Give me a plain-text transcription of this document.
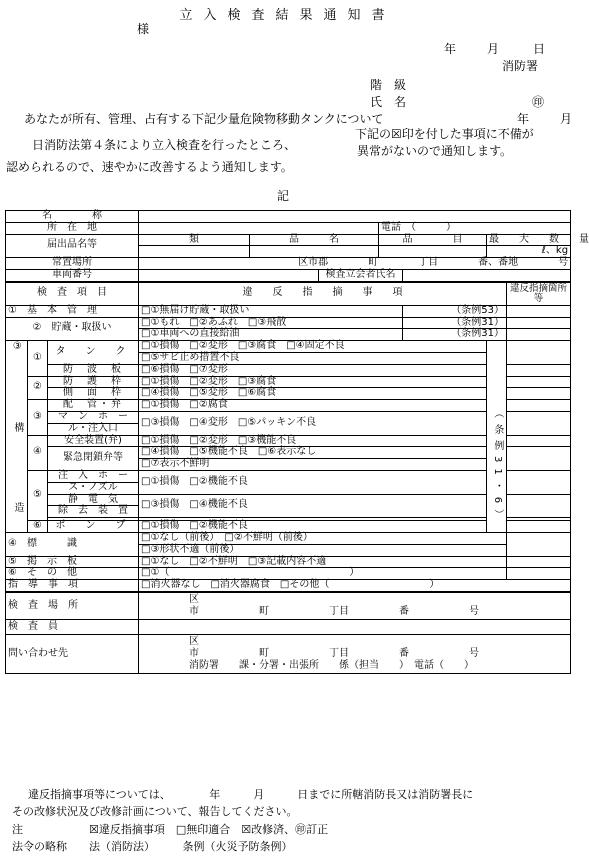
立入検査結果通知書
様
年	月	日
消防署
階　級
氏　名	㊞
あなたが所有、管理、占有する下記少量危険物移動タンクについて	年	月
日消防法第４条により立入検査を行ったところ、
下記の☒印を付した事項に不備が
異常がないので通知します。
認められるので、速やかに改善するよう通知します。
記
名　　　　称									
所　在　地						電話　 （　　　）			
届出品名等			類	品　　　名		品　　　　目		最　　大　　数　　量	
								ℓ、kg	
常置場所			区市郡　　　　町　　　　丁目　　　　番、番地　　　　号						
車両番号					検査立会者氏名				
検　査　項　目			違　　反　　指　　摘　　事　　項						違反指摘箇所等
①　基　本　管　理			□①無届け貯蔵・取扱い				（条例53）		
②　貯蔵・取扱い			□①もれ　□②あふれ　□③飛散				（条例31）		
			□①車両への直接給油				（条例31）		
③　構　造	①	タ　ン　ク	□①損傷　□②変形　□③腐食　□④固定不良					（条例31・6）	
			□⑤サビ止め措置不良						
		防　波　板	□⑥損傷　□⑦変形						
	②	防　護　枠	□①損傷　□②変形　□③腐食						
		側　面　枠	□④損傷　□⑤変形　□⑥腐食						
	③	配　管・弁	□①損傷　□②腐食						
		マ　ン　ホ　ー	□③損傷　□④変形　□⑤パッキン不良						
		ル・注入口							
	④	安全装置(弁)	□①損傷　□②変形　□③機能不良						
		緊急閉鎖弁等	□④損傷　□⑤機能不良　□⑥表示なし						

			□⑦表示不鮮明						
	⑤	注　入　ホ　ー	□①損傷　□②機能不良						
		ス・ノズル							
		静　電　気	□③損傷　□④機能不良						
		除　去　装　置							

	⑥	ポ　ン　プ	□①損傷　□②機能不良						
④　標　　　識			□①なし（前後）　□②不鮮明（前後）						
			□③形状不適（前後）						
⑤　掲　示　板			□①なし　□②不鮮明　□③記載内容不適						
⑥　そ　の　他			□①（　　　　　　　　　　　　　　　　　　）						
指　導　事　項			□消火器なし　□消火器腐食　□その他（　　　　　　　　　　）						
検　査　場　所			区
市　　　　　　町　　　　　　丁目　　　　　番　　　　　　号						
検　査　員									
問い合わせ先			区
市　　　　　　町　　　　　　丁目　　　　　番　　　　　　号
消防署　　課・分署・出張所　　係（担当　　）　電話（　　）						
違反指摘事項等については、　　　　年　　　月　　　日までに所轄消防長又は消防署長に
その改修状況及び改修計画について、報告してください。
注	☒違反指摘事項　□無印適合　☒改修済、㊞訂正
法令の略称 法（消防法）　　　条例（火災予防条例）
